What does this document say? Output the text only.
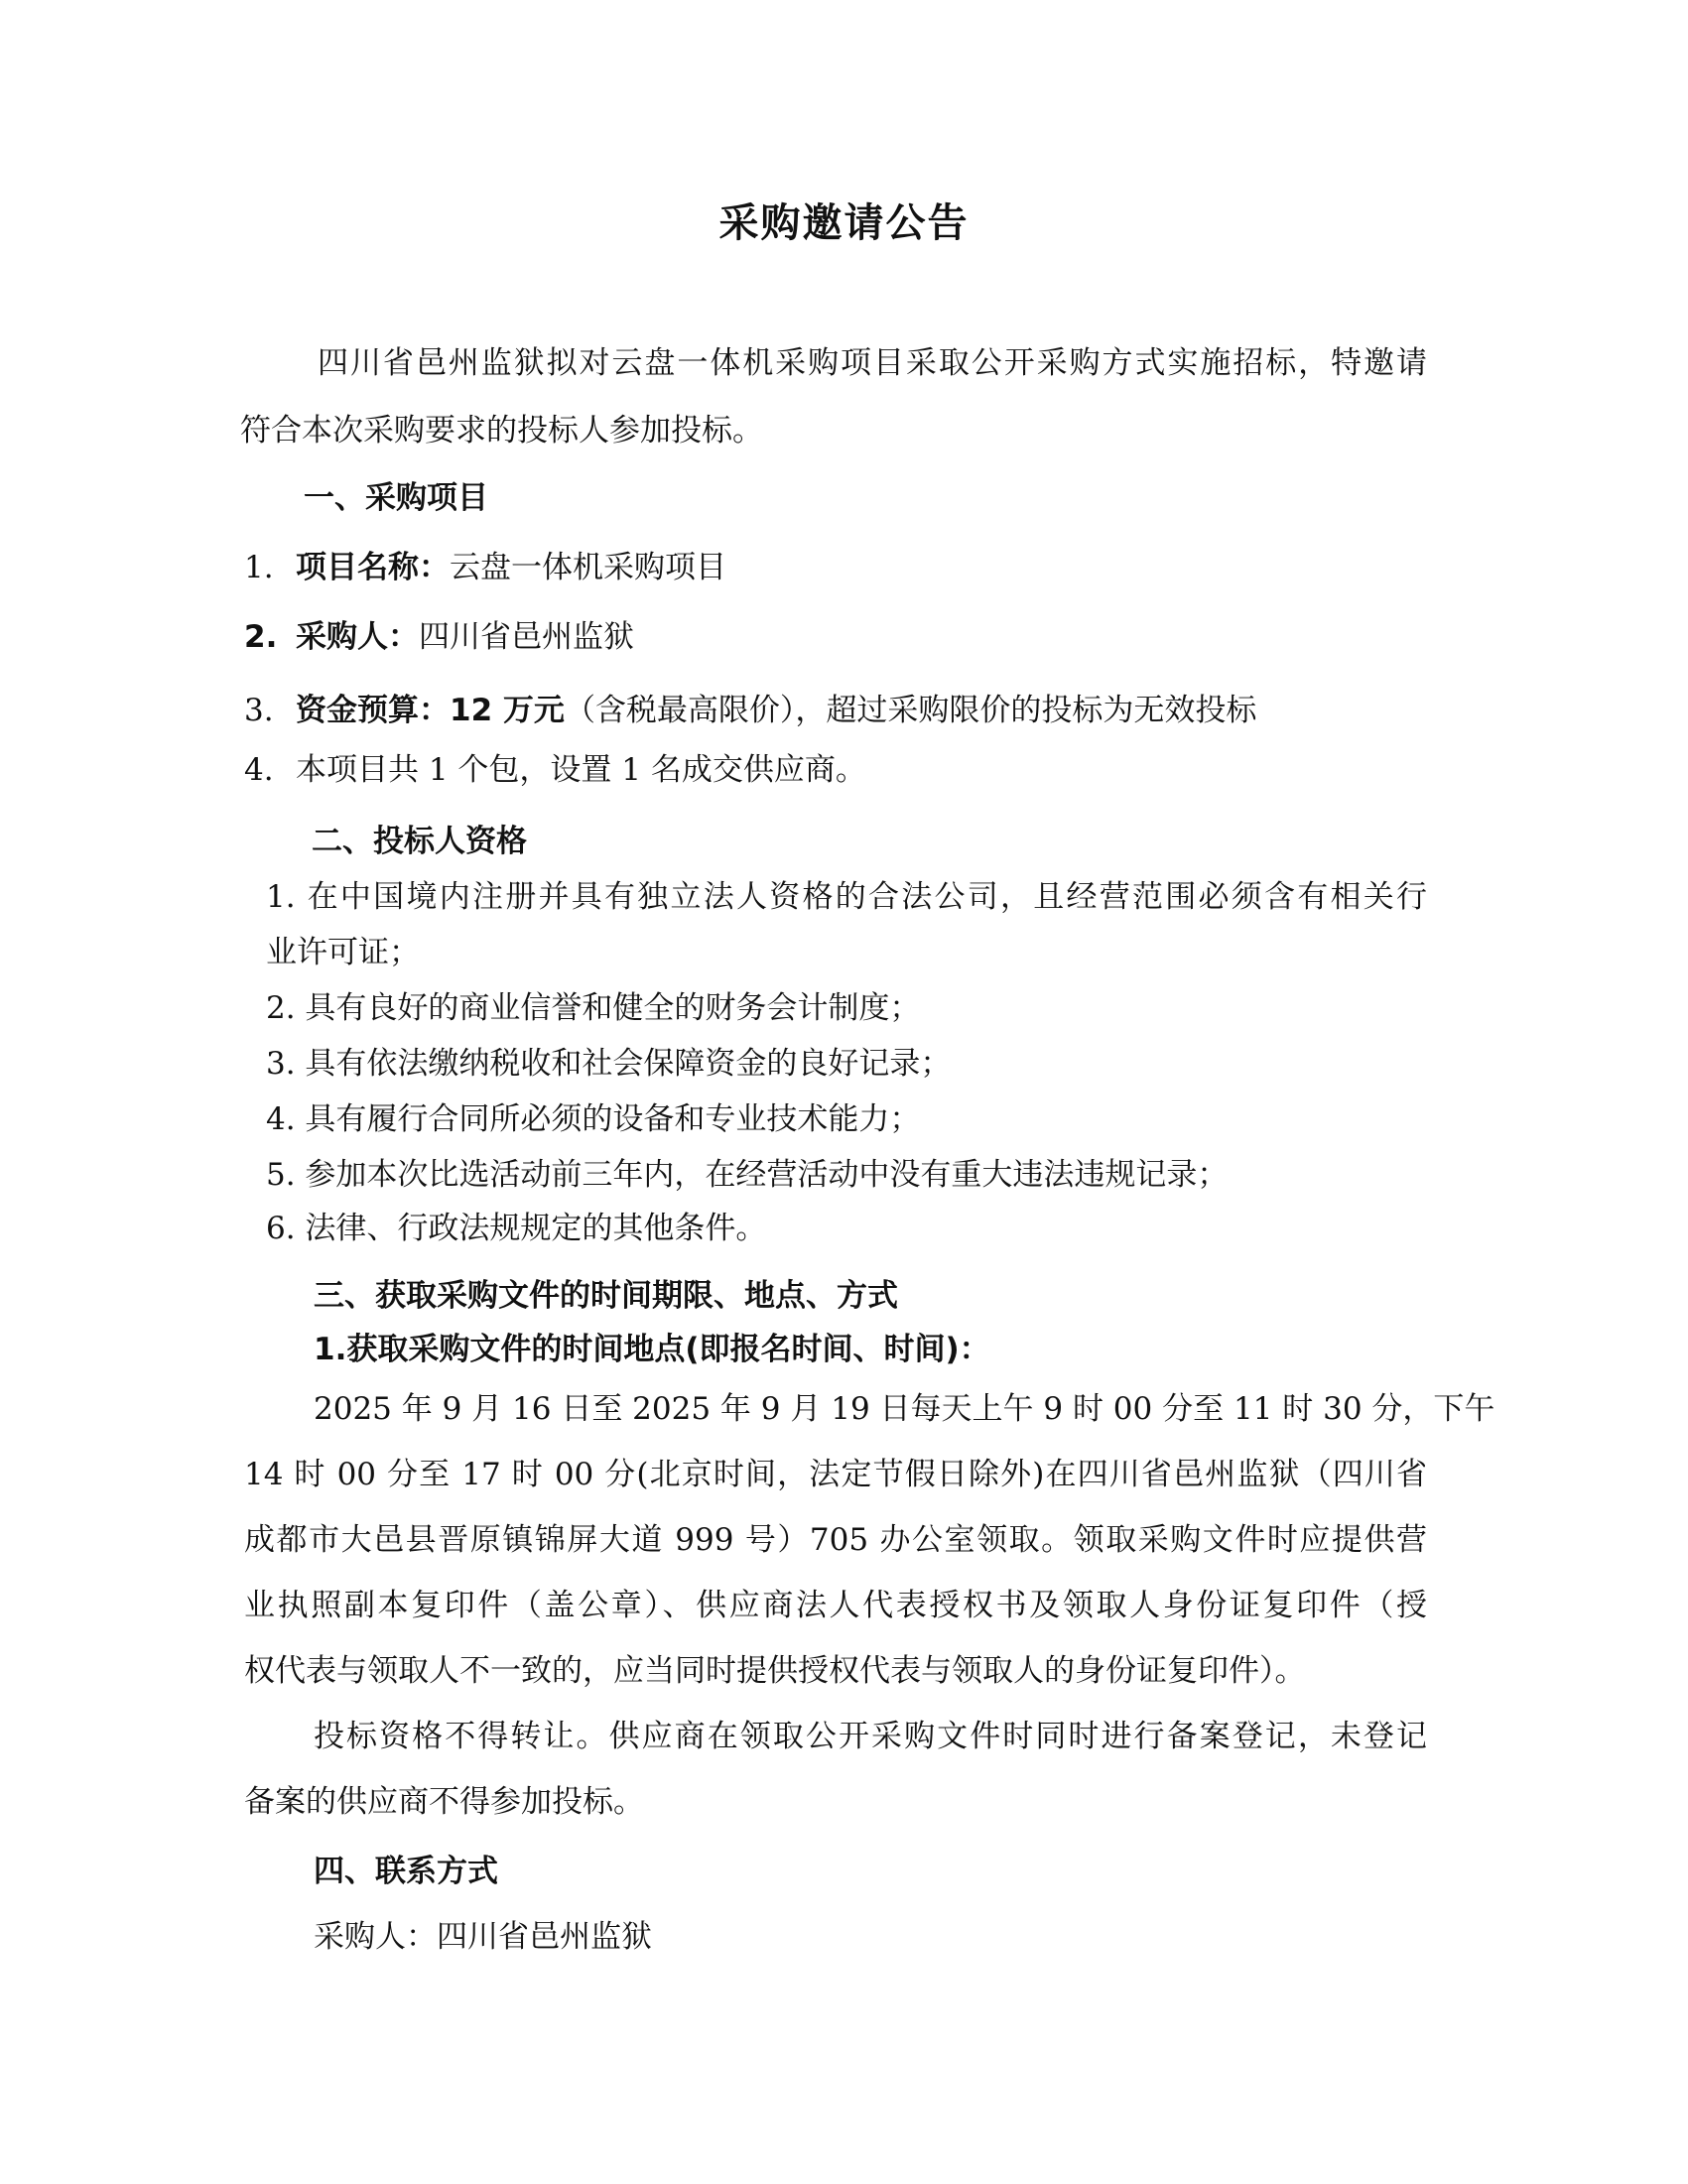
采购邀请公告
四川省邑州监狱拟对云盘一体机采购项目采取公开采购方式实施招标，特邀请
符合本次采购要求的投标人参加投标。
一、采购项目
1. 项目名称：云盘一体机采购项目
2. 采购人：四川省邑州监狱
3. 资金预算：12 万元（含税最高限价），超过采购限价的投标为无效投标
4. 本项目共 1 个包，设置 1 名成交供应商。
二、投标人资格
1. 在中国境内注册并具有独立法人资格的合法公司，且经营范围必须含有相关行
业许可证；
2. 具有良好的商业信誉和健全的财务会计制度；
3. 具有依法缴纳税收和社会保障资金的良好记录；
4. 具有履行合同所必须的设备和专业技术能力；
5. 参加本次比选活动前三年内，在经营活动中没有重大违法违规记录；
6. 法律、行政法规规定的其他条件。
三、获取采购文件的时间期限、地点、方式
1.获取采购文件的时间地点(即报名时间、时间)：
2025 年 9 月 16 日至 2025 年 9 月 19 日每天上午 9 时 00 分至 11 时 30 分，下午
14 时 00 分至 17 时 00 分(北京时间，法定节假日除外)在四川省邑州监狱（四川省
成都市大邑县晋原镇锦屏大道 999 号）705 办公室领取。领取采购文件时应提供营
业执照副本复印件（盖公章）、供应商法人代表授权书及领取人身份证复印件（授
权代表与领取人不一致的，应当同时提供授权代表与领取人的身份证复印件）。
投标资格不得转让。供应商在领取公开采购文件时同时进行备案登记，未登记
备案的供应商不得参加投标。
四、联系方式
采购人：四川省邑州监狱
